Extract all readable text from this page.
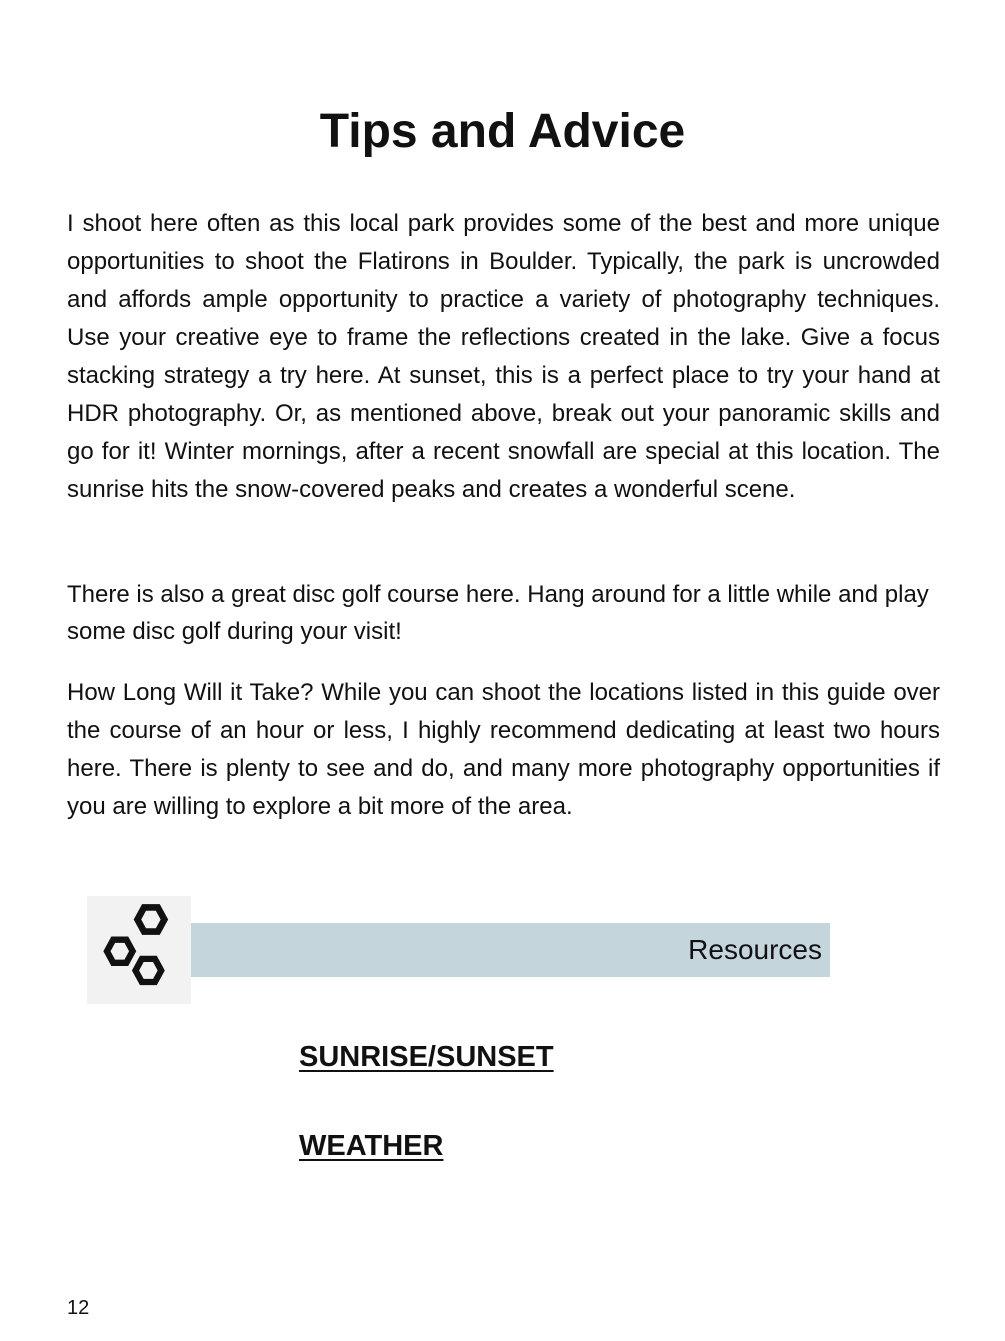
Tips and Advice

I shoot here often as this local park provides some of the best and more unique opportunities to shoot the Flatirons in Boulder. Typically, the park is uncrowded and affords ample opportunity to practice a variety of photography techniques. Use your creative eye to frame the reflections created in the lake. Give a focus stacking strategy a try here. At sunset, this is a perfect place to try your hand at HDR photography. Or, as mentioned above, break out your panoramic skills and go for it! Winter mornings, after a recent snowfall are special at this location. The sunrise hits the snow-covered peaks and creates a wonderful scene.

There is also a great disc golf course here. Hang around for a little while and play some disc golf during your visit!

How Long Will it Take? While you can shoot the locations listed in this guide over the course of an hour or less, I highly recommend dedicating at least two hours here. There is plenty to see and do, and many more photography opportunities if you are willing to explore a bit more of the area.

Resources
SUNRISE/SUNSET
WEATHER
12
